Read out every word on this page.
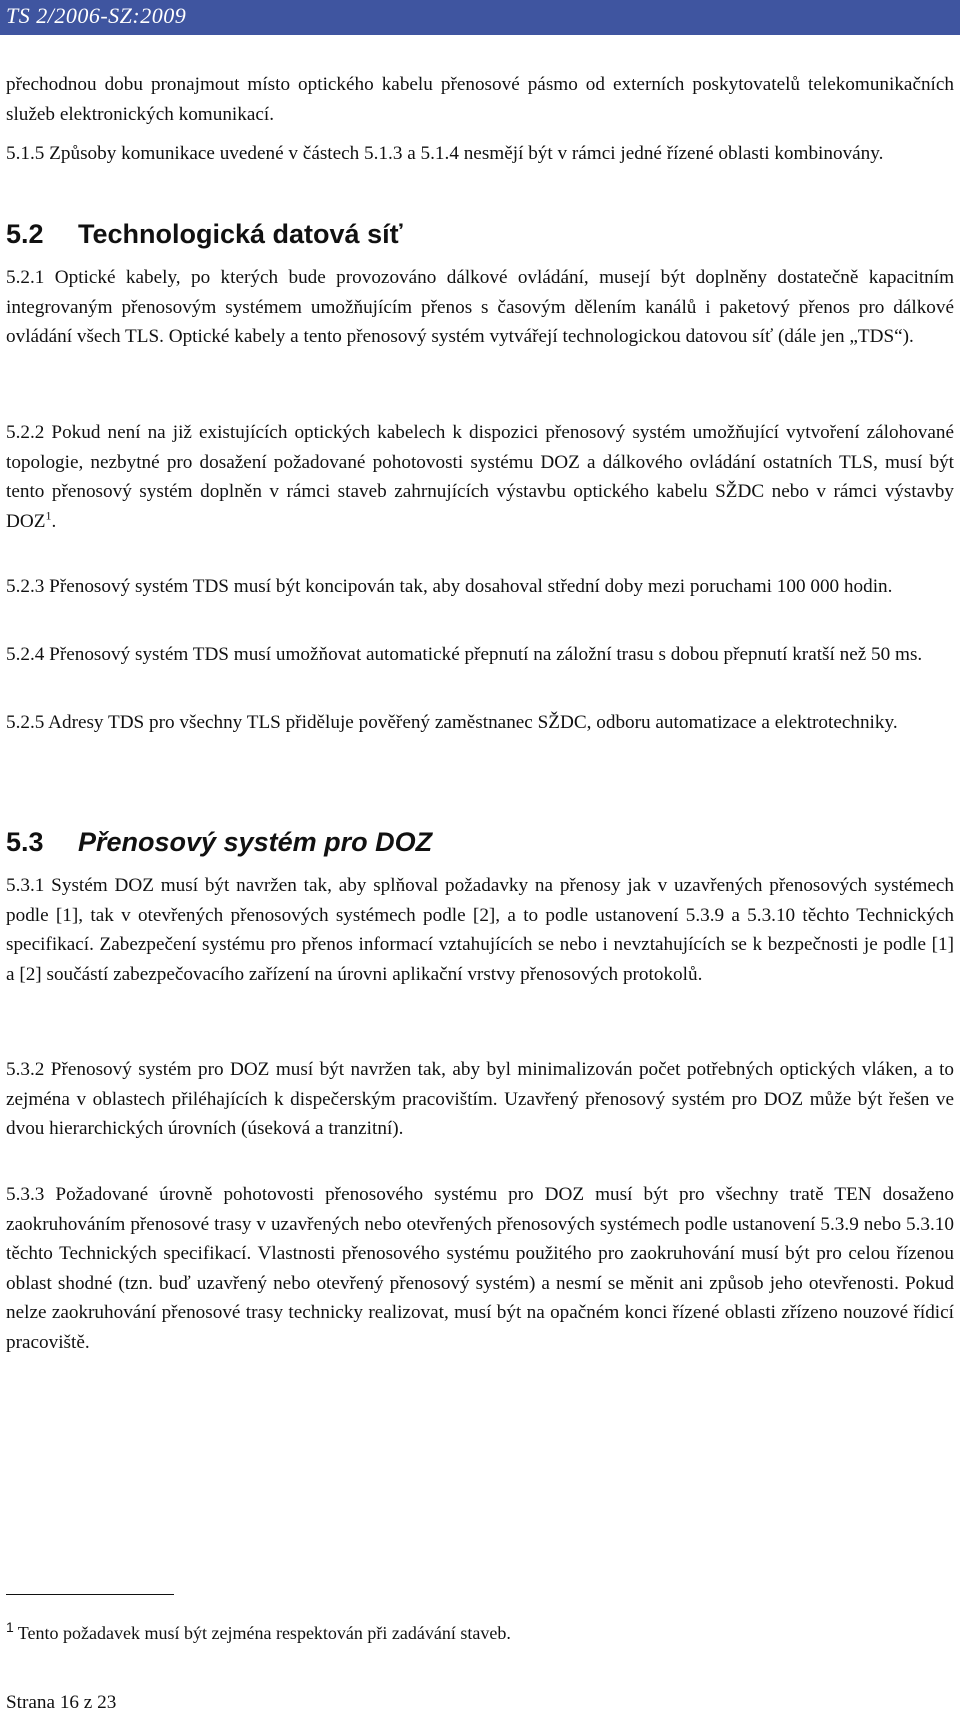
TS 2/2006-SZ:2009

přechodnou dobu pronajmout místo optického kabelu přenosové pásmo od externích poskytovatelů telekomunikačních služeb elektronických komunikací.

5.1.5 Způsoby komunikace uvedené v částech 5.1.3 a 5.1.4 nesmějí být v rámci jedné řízené oblasti kombinovány.

5.2 Technologická datová síť

5.2.1 Optické kabely, po kterých bude provozováno dálkové ovládání, musejí být doplněny dostatečně kapacitním integrovaným přenosovým systémem umožňujícím přenos s časovým dělením kanálů i paketový přenos pro dálkové ovládání všech TLS. Optické kabely a tento přenosový systém vytvářejí technologickou datovou síť (dále jen „TDS“).

5.2.2 Pokud není na již existujících optických kabelech k dispozici přenosový systém umožňující vytvoření zálohované topologie, nezbytné pro dosažení požadované pohotovosti systému DOZ a dálkového ovládání ostatních TLS, musí být tento přenosový systém doplněn v rámci staveb zahrnujících výstavbu optického kabelu SŽDC nebo v rámci výstavby DOZ$^1$.

5.2.3 Přenosový systém TDS musí být koncipován tak, aby dosahoval střední doby mezi poruchami 100 000 hodin.

5.2.4 Přenosový systém TDS musí umožňovat automatické přepnutí na záložní trasu s dobou přepnutí kratší než 50 ms.

5.2.5 Adresy TDS pro všechny TLS přiděluje pověřený zaměstnanec SŽDC, odboru automatizace a elektrotechniky.

5.3 Přenosový systém pro DOZ

5.3.1 Systém DOZ musí být navržen tak, aby splňoval požadavky na přenosy jak v uzavřených přenosových systémech podle [1], tak v otevřených přenosových systémech podle [2], a to podle ustanovení 5.3.9 a 5.3.10 těchto Technických specifikací. Zabezpečení systému pro přenos informací vztahujících se nebo i nevztahujících se k bezpečnosti je podle [1] a [2] součástí zabezpečovacího zařízení na úrovni aplikační vrstvy přenosových protokolů.

5.3.2 Přenosový systém pro DOZ musí být navržen tak, aby byl minimalizován počet potřebných optických vláken, a to zejména v oblastech přiléhajících k dispečerským pracovištím. Uzavřený přenosový systém pro DOZ může být řešen ve dvou hierarchických úrovních (úseková a tranzitní).

5.3.3 Požadované úrovně pohotovosti přenosového systému pro DOZ musí být pro všechny tratě TEN dosaženo zaokruhováním přenosové trasy v uzavřených nebo otevřených přenosových systémech podle ustanovení 5.3.9 nebo 5.3.10 těchto Technických specifikací. Vlastnosti přenosového systému použitého pro zaokruhování musí být pro celou řízenou oblast shodné (tzn. buď uzavřený nebo otevřený přenosový systém) a nesmí se měnit ani způsob jeho otevřenosti. Pokud nelze zaokruhování přenosové trasy technicky realizovat, musí být na opačném konci řízené oblasti zřízeno nouzové řídicí pracoviště.

$^1$ Tento požadavek musí být zejména respektován při zadávání staveb.

Strana 16 z 23
